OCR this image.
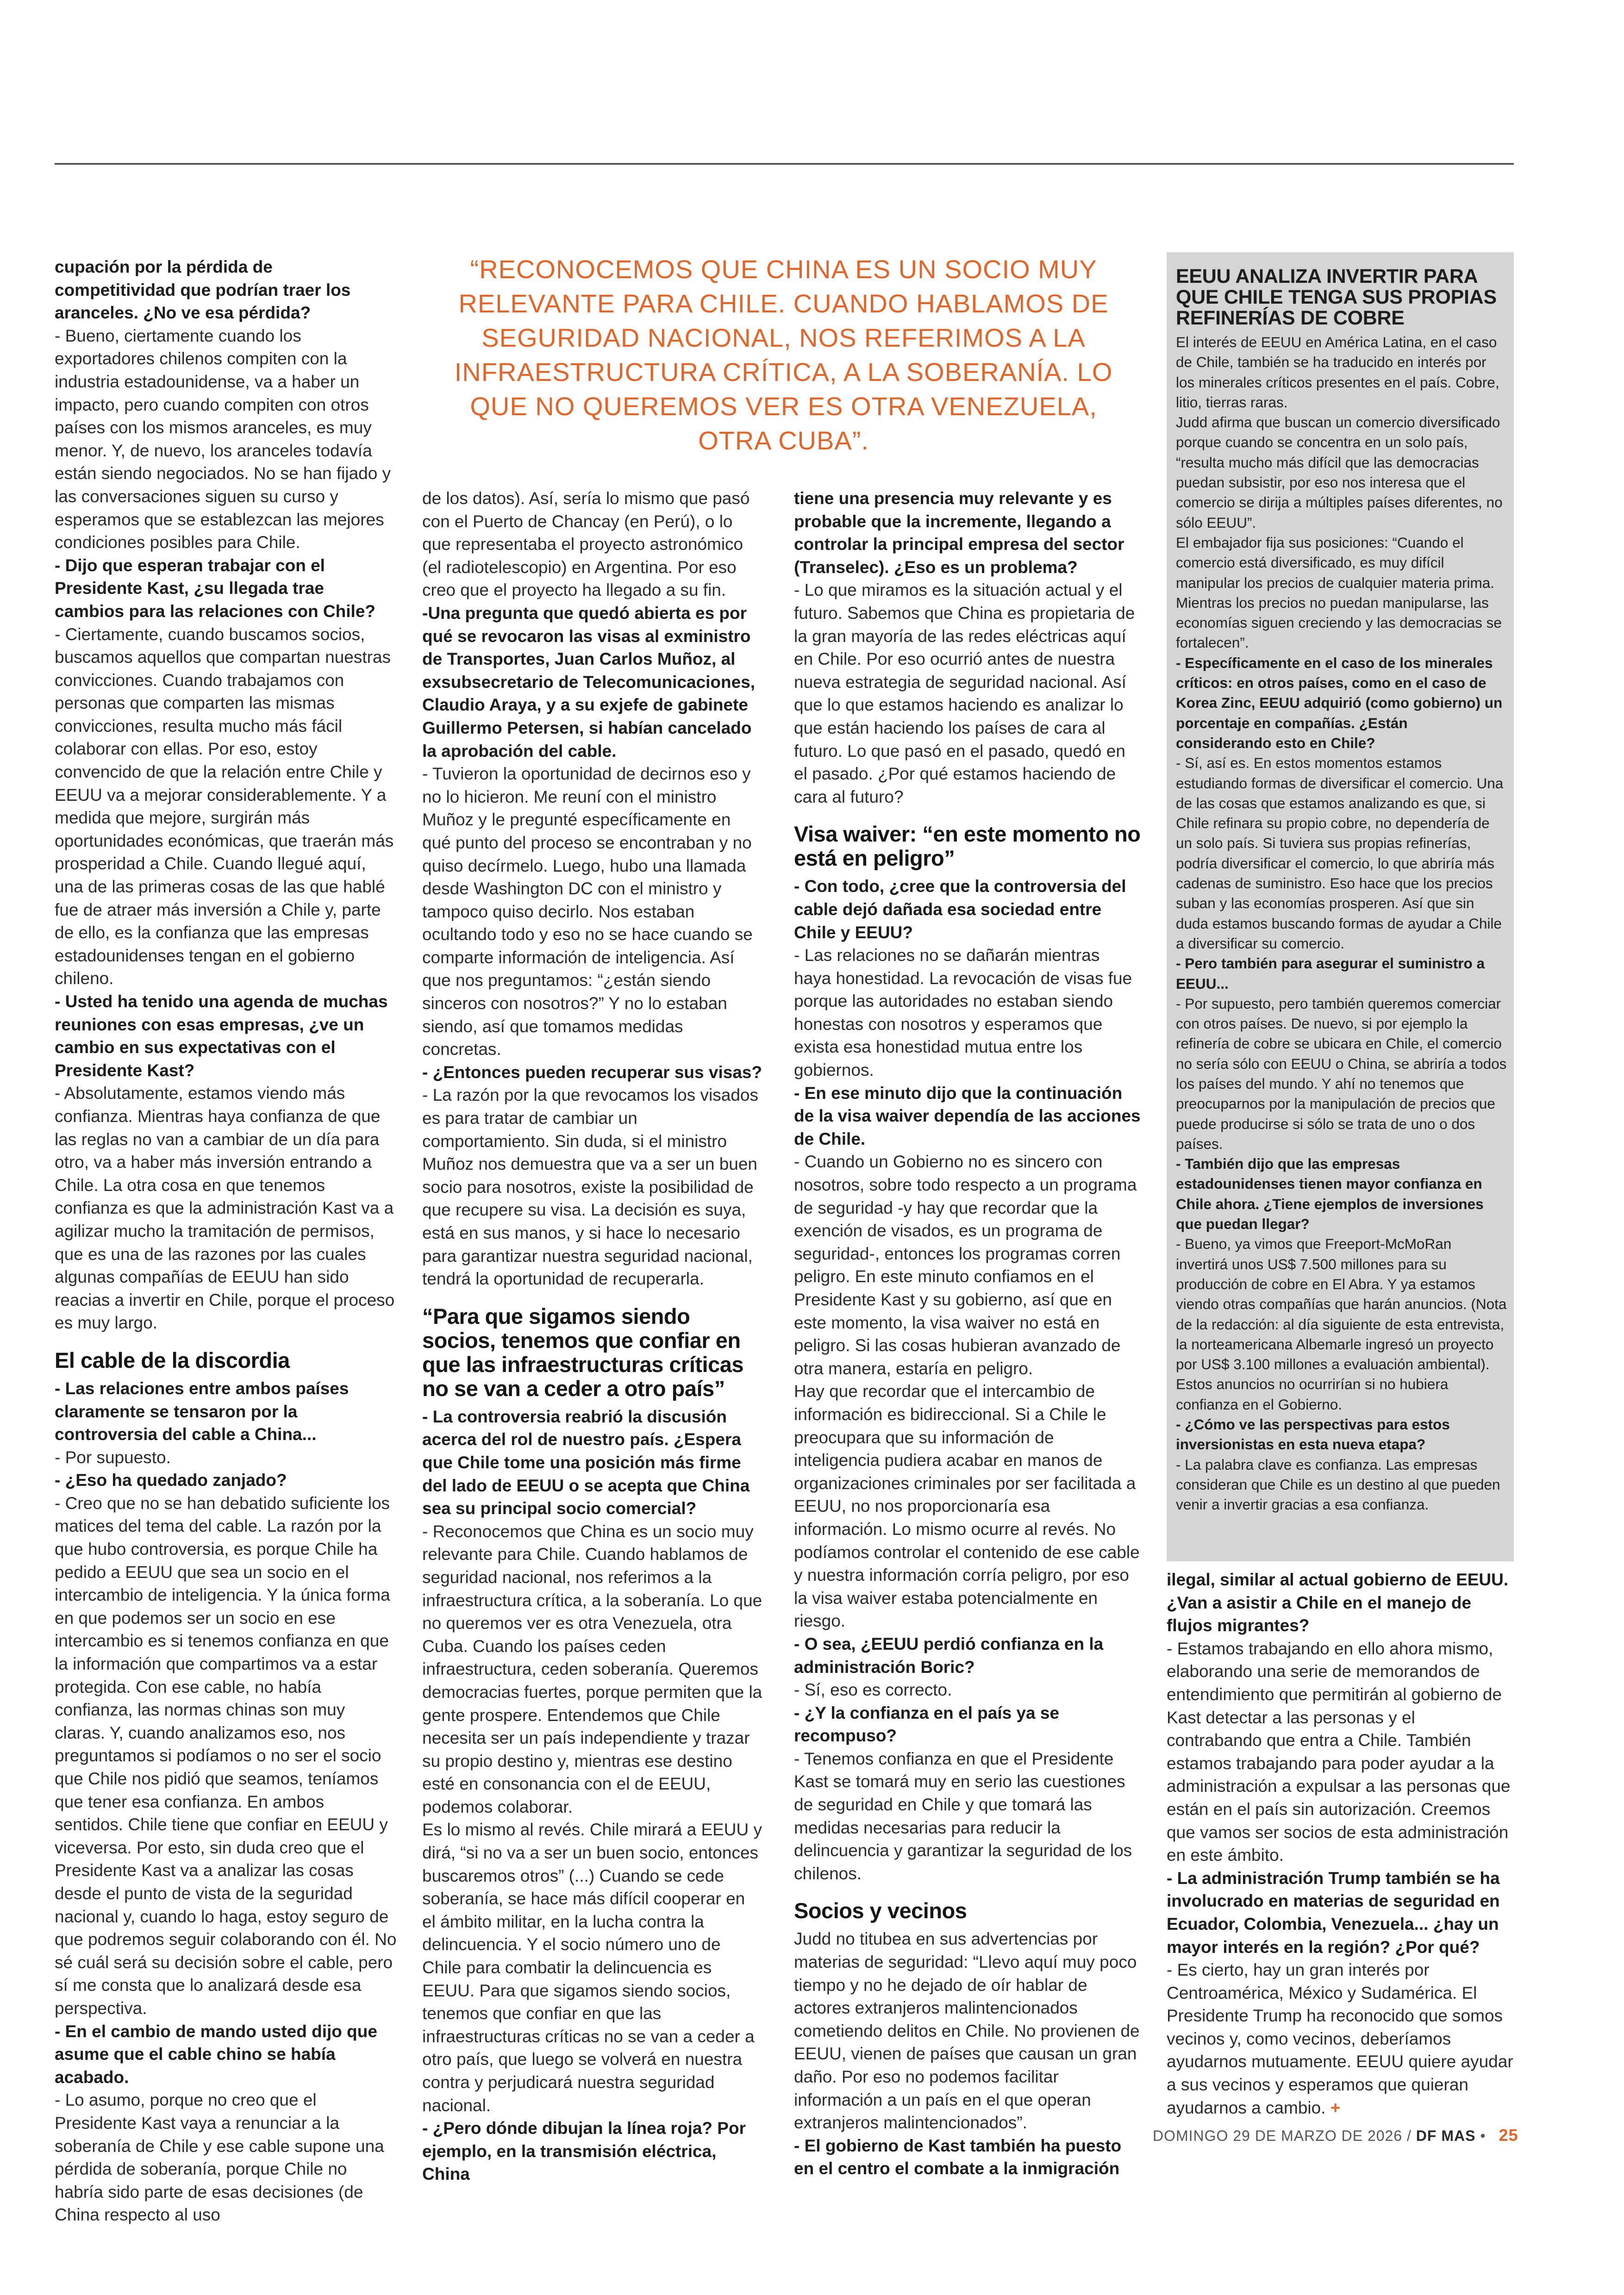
“RECONOCEMOS QUE CHINA ES UN SOCIO MUY RELEVANTE PARA CHILE. CUANDO HABLAMOS DE SEGURIDAD NACIONAL, NOS REFERIMOS A LA INFRAESTRUCTURA CRÍTICA, A LA SOBERANÍA. LO QUE NO QUEREMOS VER ES OTRA VENEZUELA, OTRA CUBA”.

cupación por la pérdida de competitividad que podrían traer los aranceles. ¿No ve esa pérdida?

- Bueno, ciertamente cuando los exportadores chilenos compiten con la industria estadounidense, va a haber un impacto, pero cuando compiten con otros países con los mismos aranceles, es muy menor. Y, de nuevo, los aranceles todavía están siendo negociados. No se han fijado y las conversaciones siguen su curso y esperamos que se establezcan las mejores condiciones posibles para Chile.

- Dijo que esperan trabajar con el Presidente Kast, ¿su llegada trae cambios para las relaciones con Chile?

- Ciertamente, cuando buscamos socios, buscamos aquellos que compartan nuestras convicciones. Cuando trabajamos con personas que comparten las mismas convicciones, resulta mucho más fácil colaborar con ellas. Por eso, estoy convencido de que la relación entre Chile y EEUU va a mejorar considerablemente. Y a medida que mejore, surgirán más oportunidades económicas, que traerán más prosperidad a Chile. Cuando llegué aquí, una de las primeras cosas de las que hablé fue de atraer más inversión a Chile y, parte de ello, es la confianza que las empresas estadounidenses tengan en el gobierno chileno.

- Usted ha tenido una agenda de muchas reuniones con esas empresas, ¿ve un cambio en sus expectativas con el Presidente Kast?

- Absolutamente, estamos viendo más confianza. Mientras haya confianza de que las reglas no van a cambiar de un día para otro, va a haber más inversión entrando a Chile. La otra cosa en que tenemos confianza es que la administración Kast va a agilizar mucho la tramitación de permisos, que es una de las razones por las cuales algunas compañías de EEUU han sido reacias a invertir en Chile, porque el proceso es muy largo.

El cable de la discordia

- Las relaciones entre ambos países claramente se tensaron por la controversia del cable a China...

- Por supuesto.

- ¿Eso ha quedado zanjado?

- Creo que no se han debatido suficiente los matices del tema del cable. La razón por la que hubo controversia, es porque Chile ha pedido a EEUU que sea un socio en el intercambio de inteligencia. Y la única forma en que podemos ser un socio en ese intercambio es si tenemos confianza en que la información que compartimos va a estar protegida. Con ese cable, no había confianza, las normas chinas son muy claras. Y, cuando analizamos eso, nos preguntamos si podíamos o no ser el socio que Chile nos pidió que seamos, teníamos que tener esa confianza. En ambos sentidos. Chile tiene que confiar en EEUU y viceversa. Por esto, sin duda creo que el Presidente Kast va a analizar las cosas desde el punto de vista de la seguridad nacional y, cuando lo haga, estoy seguro de que podremos seguir colaborando con él. No sé cuál será su decisión sobre el cable, pero sí me consta que lo analizará desde esa perspectiva.

- En el cambio de mando usted dijo que asume que el cable chino se había acabado.

- Lo asumo, porque no creo que el Presidente Kast vaya a renunciar a la soberanía de Chile y ese cable supone una pérdida de soberanía, porque Chile no habría sido parte de esas decisiones (de China respecto al uso

de los datos). Así, sería lo mismo que pasó con el Puerto de Chancay (en Perú), o lo que representaba el proyecto astronómico (el radiotelescopio) en Argentina. Por eso creo que el proyecto ha llegado a su fin.

-Una pregunta que quedó abierta es por qué se revocaron las visas al exministro de Transportes, Juan Carlos Muñoz, al exsubsecretario de Telecomunicaciones, Claudio Araya, y a su exjefe de gabinete Guillermo Petersen, si habían cancelado la aprobación del cable.

- Tuvieron la oportunidad de decirnos eso y no lo hicieron. Me reuní con el ministro Muñoz y le pregunté específicamente en qué punto del proceso se encontraban y no quiso decírmelo. Luego, hubo una llamada desde Washington DC con el ministro y tampoco quiso decirlo. Nos estaban ocultando todo y eso no se hace cuando se comparte información de inteligencia. Así que nos preguntamos: “¿están siendo sinceros con nosotros?” Y no lo estaban siendo, así que tomamos medidas concretas.

- ¿Entonces pueden recuperar sus visas?

- La razón por la que revocamos los visados es para tratar de cambiar un comportamiento. Sin duda, si el ministro Muñoz nos demuestra que va a ser un buen socio para nosotros, existe la posibilidad de que recupere su visa. La decisión es suya, está en sus manos, y si hace lo necesario para garantizar nuestra seguridad nacional, tendrá la oportunidad de recuperarla.

“Para que sigamos siendo socios, tenemos que confiar en que las infraestructuras críticas no se van a ceder a otro país”

- La controversia reabrió la discusión acerca del rol de nuestro país. ¿Espera que Chile tome una posición más firme del lado de EEUU o se acepta que China sea su principal socio comercial?

- Reconocemos que China es un socio muy relevante para Chile. Cuando hablamos de seguridad nacional, nos referimos a la infraestructura crítica, a la soberanía. Lo que no queremos ver es otra Venezuela, otra Cuba. Cuando los países ceden infraestructura, ceden soberanía. Queremos democracias fuertes, porque permiten que la gente prospere. Entendemos que Chile necesita ser un país independiente y trazar su propio destino y, mientras ese destino esté en consonancia con el de EEUU, podemos colaborar.

Es lo mismo al revés. Chile mirará a EEUU y dirá, “si no va a ser un buen socio, entonces buscaremos otros” (...) Cuando se cede soberanía, se hace más difícil cooperar en el ámbito militar, en la lucha contra la delincuencia. Y el socio número uno de Chile para combatir la delincuencia es EEUU. Para que sigamos siendo socios, tenemos que confiar en que las infraestructuras críticas no se van a ceder a otro país, que luego se volverá en nuestra contra y perjudicará nuestra seguridad nacional.

- ¿Pero dónde dibujan la línea roja? Por ejemplo, en la transmisión eléctrica, China

tiene una presencia muy relevante y es probable que la incremente, llegando a controlar la principal empresa del sector (Transelec). ¿Eso es un problema?

- Lo que miramos es la situación actual y el futuro. Sabemos que China es propietaria de la gran mayoría de las redes eléctricas aquí en Chile. Por eso ocurrió antes de nuestra nueva estrategia de seguridad nacional. Así que lo que estamos haciendo es analizar lo que están haciendo los países de cara al futuro. Lo que pasó en el pasado, quedó en el pasado. ¿Por qué estamos haciendo de cara al futuro?

Visa waiver: “en este momento no está en peligro”

- Con todo, ¿cree que la controversia del cable dejó dañada esa sociedad entre Chile y EEUU?

- Las relaciones no se dañarán mientras haya honestidad. La revocación de visas fue porque las autoridades no estaban siendo honestas con nosotros y esperamos que exista esa honestidad mutua entre los gobiernos.

- En ese minuto dijo que la continuación de la visa waiver dependía de las acciones de Chile.

- Cuando un Gobierno no es sincero con nosotros, sobre todo respecto a un programa de seguridad -y hay que recordar que la exención de visados, es un programa de seguridad-, entonces los programas corren peligro. En este minuto confiamos en el Presidente Kast y su gobierno, así que en este momento, la visa waiver no está en peligro. Si las cosas hubieran avanzado de otra manera, estaría en peligro.

Hay que recordar que el intercambio de información es bidireccional. Si a Chile le preocupara que su información de inteligencia pudiera acabar en manos de organizaciones criminales por ser facilitada a EEUU, no nos proporcionaría esa información. Lo mismo ocurre al revés. No podíamos controlar el contenido de ese cable y nuestra información corría peligro, por eso la visa waiver estaba potencialmente en riesgo.

- O sea, ¿EEUU perdió confianza en la administración Boric?

- Sí, eso es correcto.

- ¿Y la confianza en el país ya se recompuso?

- Tenemos confianza en que el Presidente Kast se tomará muy en serio las cuestiones de seguridad en Chile y que tomará las medidas necesarias para reducir la delincuencia y garantizar la seguridad de los chilenos.

Socios y vecinos

Judd no titubea en sus advertencias por materias de seguridad: “Llevo aquí muy poco tiempo y no he dejado de oír hablar de actores extranjeros malintencionados cometiendo delitos en Chile. No provienen de EEUU, vienen de países que causan un gran daño. Por eso no podemos facilitar información a un país en el que operan extranjeros malintencionados”.

- El gobierno de Kast también ha puesto en el centro el combate a la inmigración

EEUU ANALIZA INVERTIR PARA QUE CHILE TENGA SUS PROPIAS REFINERÍAS DE COBRE

El interés de EEUU en América Latina, en el caso de Chile, también se ha traducido en interés por los minerales críticos presentes en el país. Cobre, litio, tierras raras.

Judd afirma que buscan un comercio diversificado porque cuando se concentra en un solo país, “resulta mucho más difícil que las democracias puedan subsistir, por eso nos interesa que el comercio se dirija a múltiples países diferentes, no sólo EEUU”.

El embajador fija sus posiciones: “Cuando el comercio está diversificado, es muy difícil manipular los precios de cualquier materia prima. Mientras los precios no puedan manipularse, las economías siguen creciendo y las democracias se fortalecen”.

- Específicamente en el caso de los minerales críticos: en otros países, como en el caso de Korea Zinc, EEUU adquirió (como gobierno) un porcentaje en compañías. ¿Están considerando esto en Chile?

- Sí, así es. En estos momentos estamos estudiando formas de diversificar el comercio. Una de las cosas que estamos analizando es que, si Chile refinara su propio cobre, no dependería de un solo país. Si tuviera sus propias refinerías, podría diversificar el comercio, lo que abriría más cadenas de suministro. Eso hace que los precios suban y las economías prosperen. Así que sin duda estamos buscando formas de ayudar a Chile a diversificar su comercio.

- Pero también para asegurar el suministro a EEUU...

- Por supuesto, pero también queremos comerciar con otros países. De nuevo, si por ejemplo la refinería de cobre se ubicara en Chile, el comercio no sería sólo con EEUU o China, se abriría a todos los países del mundo. Y ahí no tenemos que preocuparnos por la manipulación de precios que puede producirse si sólo se trata de uno o dos países.

- También dijo que las empresas estadounidenses tienen mayor confianza en Chile ahora. ¿Tiene ejemplos de inversiones que puedan llegar?

- Bueno, ya vimos que Freeport-McMoRan invertirá unos US$ 7.500 millones para su producción de cobre en El Abra. Y ya estamos viendo otras compañías que harán anuncios. (Nota de la redacción: al día siguiente de esta entrevista, la norteamericana Albemarle ingresó un proyecto por US$ 3.100 millones a evaluación ambiental). Estos anuncios no ocurrirían si no hubiera confianza en el Gobierno.

- ¿Cómo ve las perspectivas para estos inversionistas en esta nueva etapa?

- La palabra clave es confianza. Las empresas consideran que Chile es un destino al que pueden venir a invertir gracias a esa confianza.

ilegal, similar al actual gobierno de EEUU. ¿Van a asistir a Chile en el manejo de flujos migrantes?

- Estamos trabajando en ello ahora mismo, elaborando una serie de memorandos de entendimiento que permitirán al gobierno de Kast detectar a las personas y el contrabando que entra a Chile. También estamos trabajando para poder ayudar a la administración a expulsar a las personas que están en el país sin autorización. Creemos que vamos ser socios de esta administración en este ámbito.

- La administración Trump también se ha involucrado en materias de seguridad en Ecuador, Colombia, Venezuela... ¿hay un mayor interés en la región? ¿Por qué?

- Es cierto, hay un gran interés por Centroamérica, México y Sudamérica. El Presidente Trump ha reconocido que somos vecinos y, como vecinos, deberíamos ayudarnos mutuamente. EEUU quiere ayudar a sus vecinos y esperamos que quieran ayudarnos a cambio. +

DOMINGO 29 DE MARZO DE 2026 / DF MAS • 25
